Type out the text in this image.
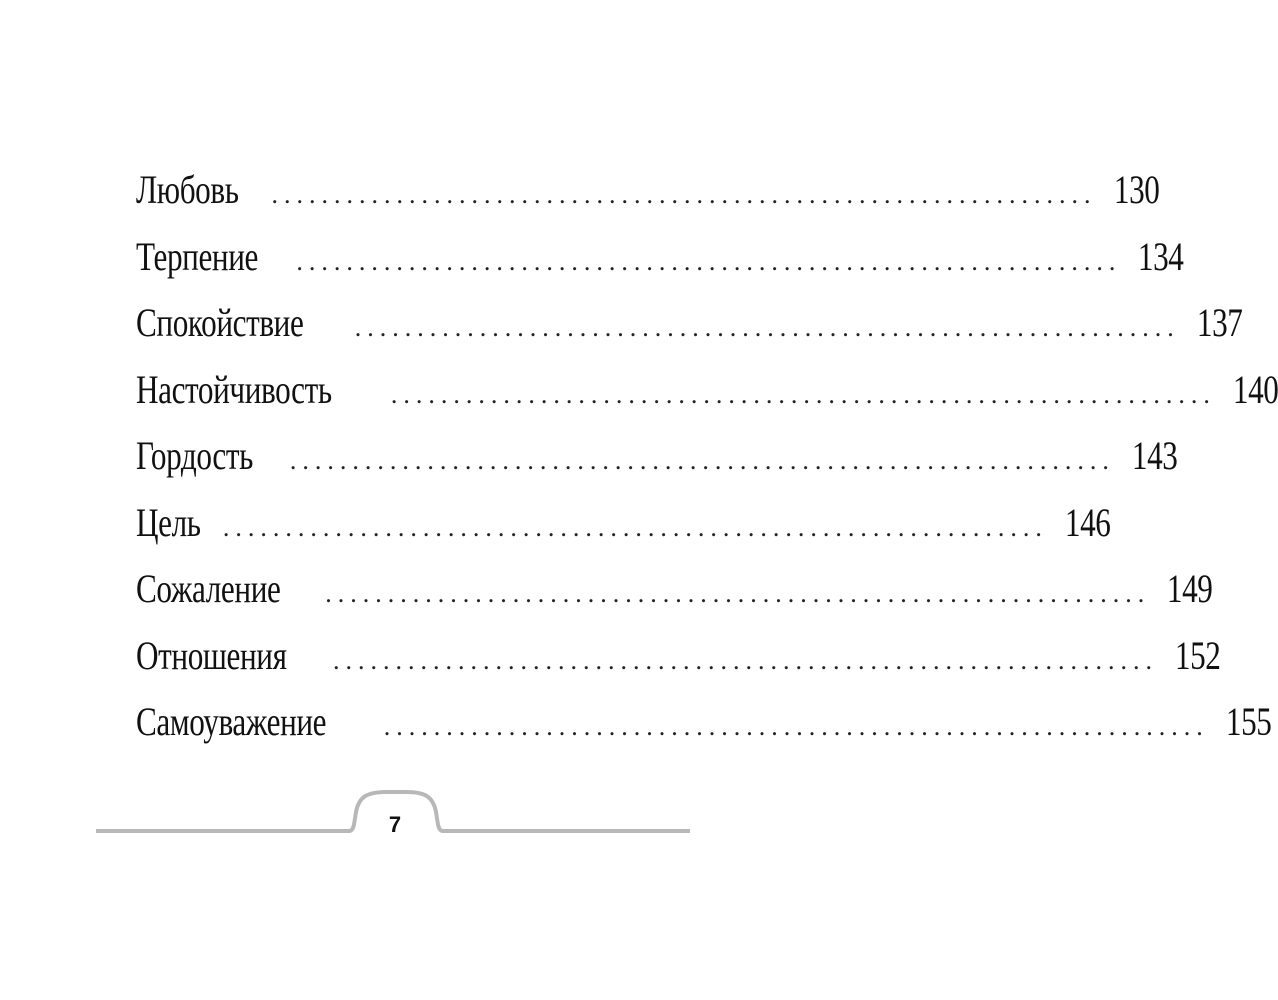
Любовь .................................................................. 130
Терпение .................................................................. 134
Спокойствие .................................................................. 137
Настойчивость .................................................................. 140
Гордость .................................................................. 143
Цель .................................................................. 146
Сожаление .................................................................. 149
Отношения .................................................................. 152
Самоуважение .................................................................. 155
7
